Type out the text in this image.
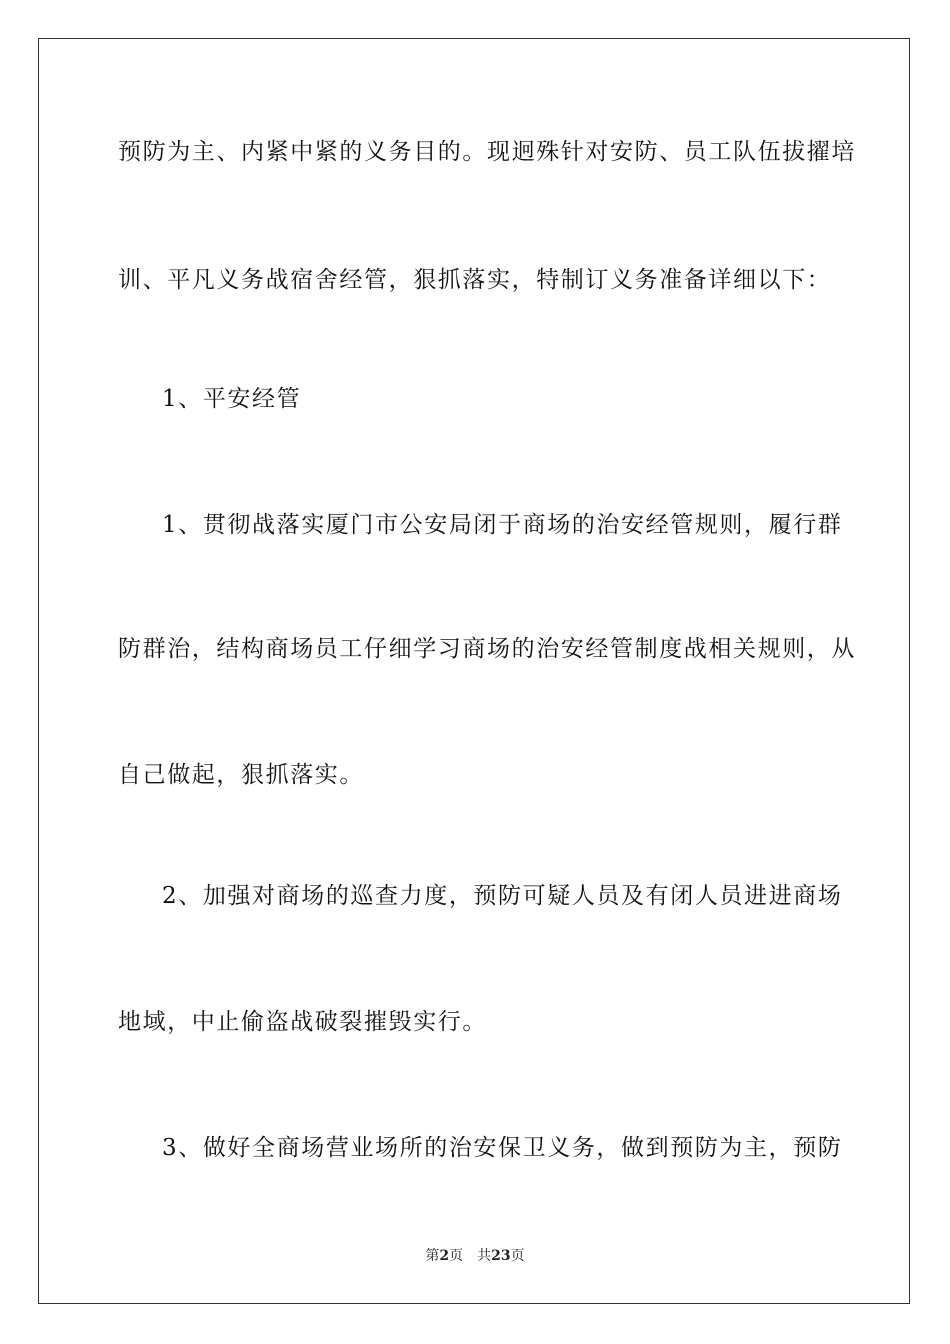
预防为主、内紧中紧的义务目的。现迥殊针对安防、员工队伍拔擢培
训、平凡义务战宿舍经管，狠抓落实，特制订义务准备详细以下：
1、平安经管
1、贯彻战落实厦门市公安局闭于商场的治安经管规则，履行群
防群治，结构商场员工仔细学习商场的治安经管制度战相关规则，从
自己做起，狠抓落实。
2、加强对商场的巡查力度，预防可疑人员及有闭人员进进商场
地域，中止偷盗战破裂摧毁实行。
3、做好全商场营业场所的治安保卫义务，做到预防为主，预防
第2页 共23页
